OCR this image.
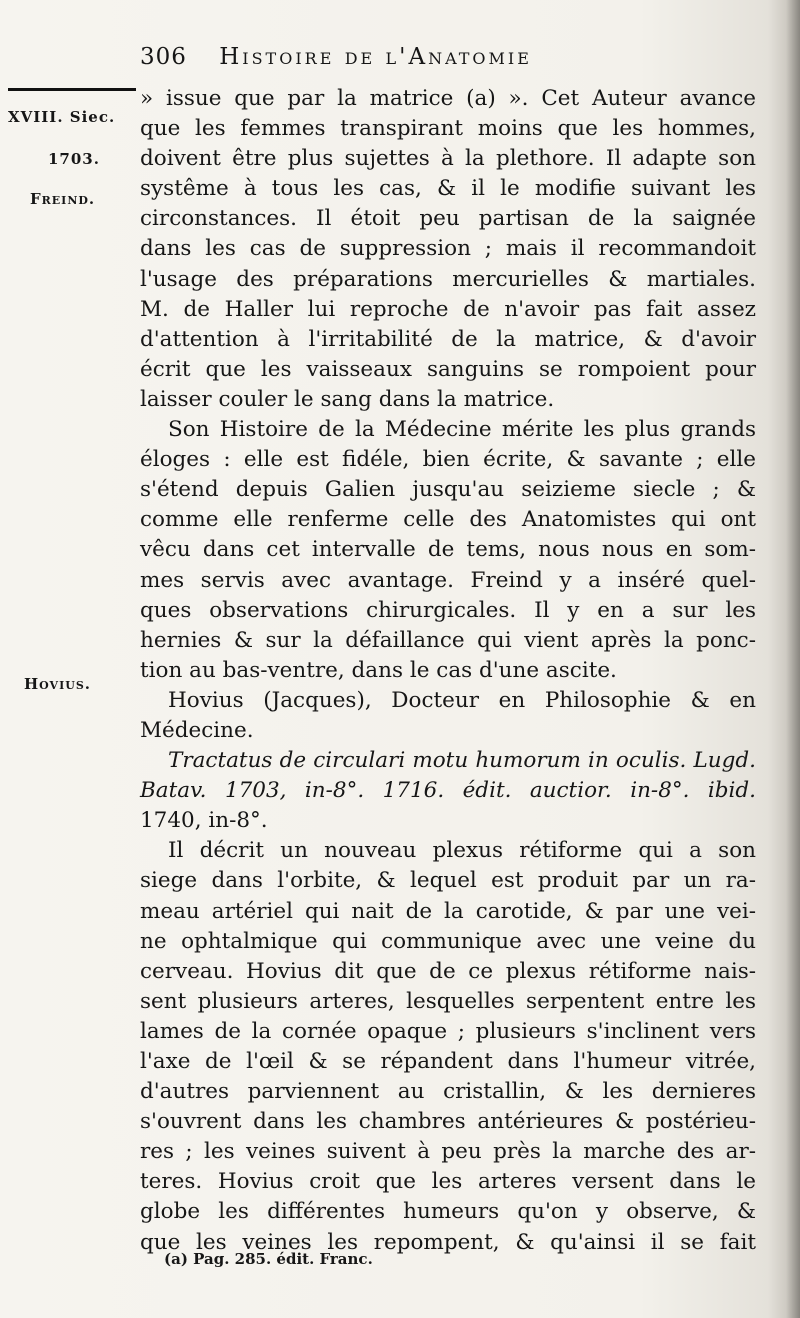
306 Histoire de l'Anatomie
XVIII. Siec.
1703.
Freind.
Hovius.
» issue que par la matrice (a) ». Cet Auteur avance
que les femmes transpirant moins que les hommes,
doivent être plus sujettes à la plethore. Il adapte son
systême à tous les cas, & il le modifie suivant les
circonstances. Il étoit peu partisan de la saignée
dans les cas de suppression ; mais il recommandoit
l'usage des préparations mercurielles & martiales.
M. de Haller lui reproche de n'avoir pas fait assez
d'attention à l'irritabilité de la matrice, & d'avoir
écrit que les vaisseaux sanguins se rompoient pour
laisser couler le sang dans la matrice.
Son Histoire de la Médecine mérite les plus grands
éloges : elle est fidéle, bien écrite, & savante ; elle
s'étend depuis Galien jusqu'au seizieme siecle ; &
comme elle renferme celle des Anatomistes qui ont
vêcu dans cet intervalle de tems, nous nous en som-
mes servis avec avantage. Freind y a inséré quel-
ques observations chirurgicales. Il y en a sur les
hernies & sur la défaillance qui vient après la ponc-
tion au bas-ventre, dans le cas d'une ascite.
Hovius (Jacques), Docteur en Philosophie & en
Médecine.
Tractatus de circulari motu humorum in oculis. Lugd.
Batav. 1703, in-8°. 1716. édit. auctior. in-8°. ibid.
1740, in-8°.
Il décrit un nouveau plexus rétiforme qui a son
siege dans l'orbite, & lequel est produit par un ra-
meau artériel qui nait de la carotide, & par une vei-
ne ophtalmique qui communique avec une veine du
cerveau. Hovius dit que de ce plexus rétiforme nais-
sent plusieurs arteres, lesquelles serpentent entre les
lames de la cornée opaque ; plusieurs s'inclinent vers
l'axe de l'œil & se répandent dans l'humeur vitrée,
d'autres parviennent au cristallin, & les dernieres
s'ouvrent dans les chambres antérieures & postérieu-
res ; les veines suivent à peu près la marche des ar-
teres. Hovius croit que les arteres versent dans le
globe les différentes humeurs qu'on y observe, &
que les veines les repompent, & qu'ainsi il se fait
(a) Pag. 285. édit. Franc.
